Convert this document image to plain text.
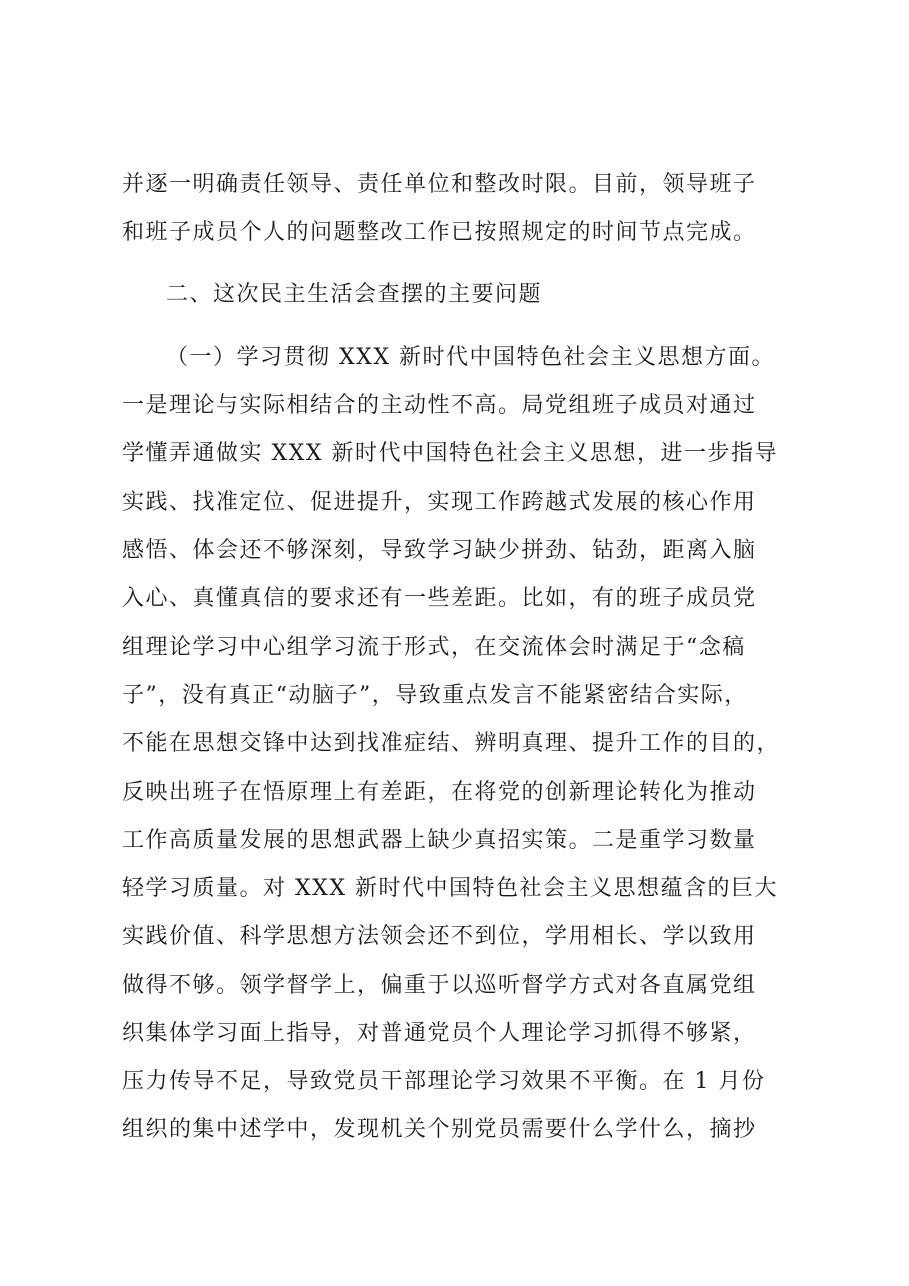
并逐一明确责任领导、责任单位和整改时限。目前，领导班子
和班子成员个人的问题整改工作已按照规定的时间节点完成。
二、这次民主生活会查摆的主要问题
（一）学习贯彻 XXX 新时代中国特色社会主义思想方面。
一是理论与实际相结合的主动性不高。局党组班子成员对通过
学懂弄通做实 XXX 新时代中国特色社会主义思想，进一步指导
实践、找准定位、促进提升，实现工作跨越式发展的核心作用
感悟、体会还不够深刻，导致学习缺少拼劲、钻劲，距离入脑
入心、真懂真信的要求还有一些差距。比如，有的班子成员党
组理论学习中心组学习流于形式，在交流体会时满足于“念稿
子”，没有真正“动脑子”，导致重点发言不能紧密结合实际，
不能在思想交锋中达到找准症结、辨明真理、提升工作的目的，
反映出班子在悟原理上有差距，在将党的创新理论转化为推动
工作高质量发展的思想武器上缺少真招实策。二是重学习数量
轻学习质量。对 XXX 新时代中国特色社会主义思想蕴含的巨大
实践价值、科学思想方法领会还不到位，学用相长、学以致用
做得不够。领学督学上，偏重于以巡听督学方式对各直属党组
织集体学习面上指导，对普通党员个人理论学习抓得不够紧，
压力传导不足，导致党员干部理论学习效果不平衡。在 1 月份
组织的集中述学中，发现机关个别党员需要什么学什么，摘抄
